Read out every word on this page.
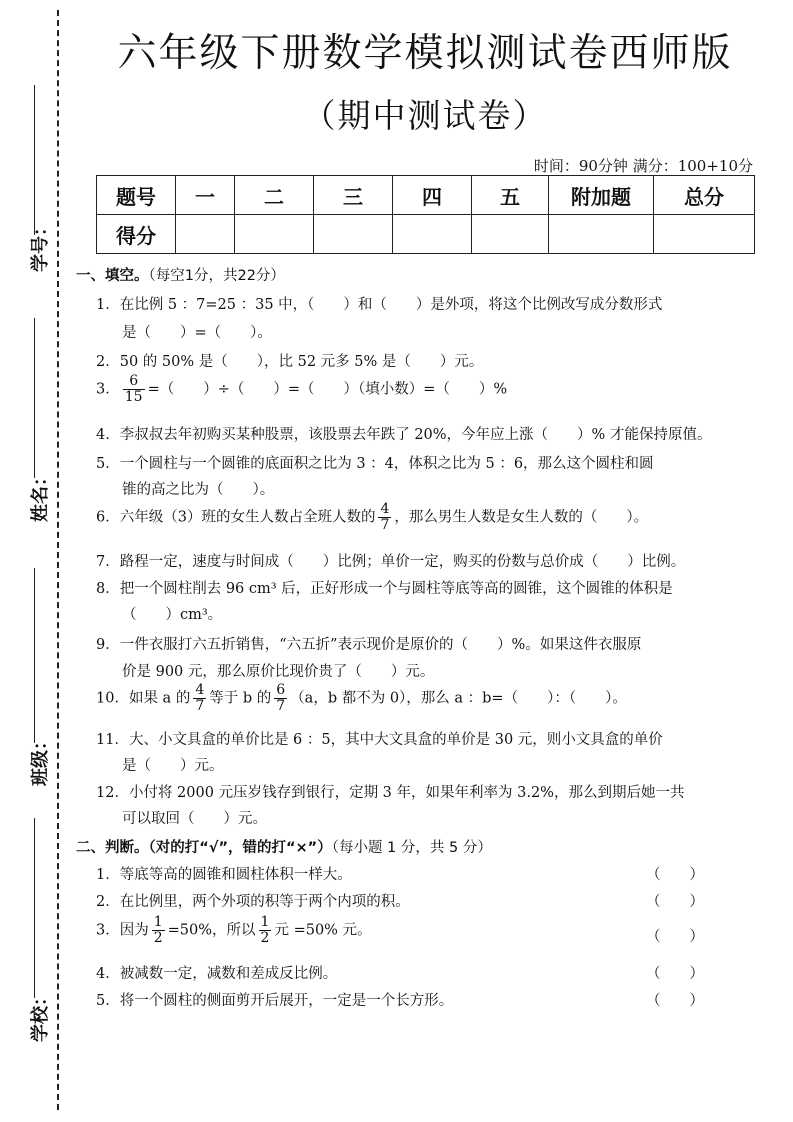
学号：
姓名：
班级：
学校：
六年级下册数学模拟测试卷西师版
（期中测试卷）
时间：90分钟 满分：100+10分
题号	一	二	三	四	五	附加题	总分
得分							
一、填空。（每空1分，共22分）
1．在比例 5 ：7=25 ：35 中，（　　）和（　　）是外项，将这个比例改写成分数形式
是（　　）=（　　）。
2．50 的 50% 是（　　），比 52 元多 5% 是（　　）元。
3． $\frac{6}{15}$ =（　　）÷（　　）=（　　）（填小数）=（　　）%
4．李叔叔去年初购买某种股票，该股票去年跌了 20%，今年应上涨（　　）% 才能保持原值。
5．一个圆柱与一个圆锥的底面积之比为 3 ：4，体积之比为 5 ：6，那么这个圆柱和圆
锥的高之比为（　　）。
6．六年级（3）班的女生人数占全班人数的 $\frac{4}{7}$ ，那么男生人数是女生人数的（　　）。
7．路程一定，速度与时间成（　　）比例；单价一定，购买的份数与总价成（　　）比例。
8．把一个圆柱削去 96 cm³ 后，正好形成一个与圆柱等底等高的圆锥，这个圆锥的体积是
（　　）cm³。
9．一件衣服打六五折销售，“六五折”表示现价是原价的（　　）%。如果这件衣服原
价是 900 元，那么原价比现价贵了（　　）元。
10．如果 a 的 $\frac{4}{7}$ 等于 b 的 $\frac{6}{7} (a$，b 都不为 0），那么 a ：b=（　　）：（　　）。
11．大、小文具盒的单价比是 6 ：5，其中大文具盒的单价是 30 元，则小文具盒的单价
是（　　）元。
12．小付将 2000 元压岁钱存到银行，定期 3 年，如果年利率为 3.2%，那么到期后她一共
可以取回（　　）元。
二、判断。（对的打“√”，错的打“×”）（每小题 1 分，共 5 分）
1．等底等高的圆锥和圆柱体积一样大。	（　　）
2．在比例里，两个外项的积等于两个内项的积。	（　　）
3．因为 $\frac{1}{2} =50\%$，所以 $\frac{1}{2}$ 元 =50% 元。	（　　）
4．被减数一定，减数和差成反比例。	（　　）
5．将一个圆柱的侧面剪开后展开，一定是一个长方形。	（　　）
